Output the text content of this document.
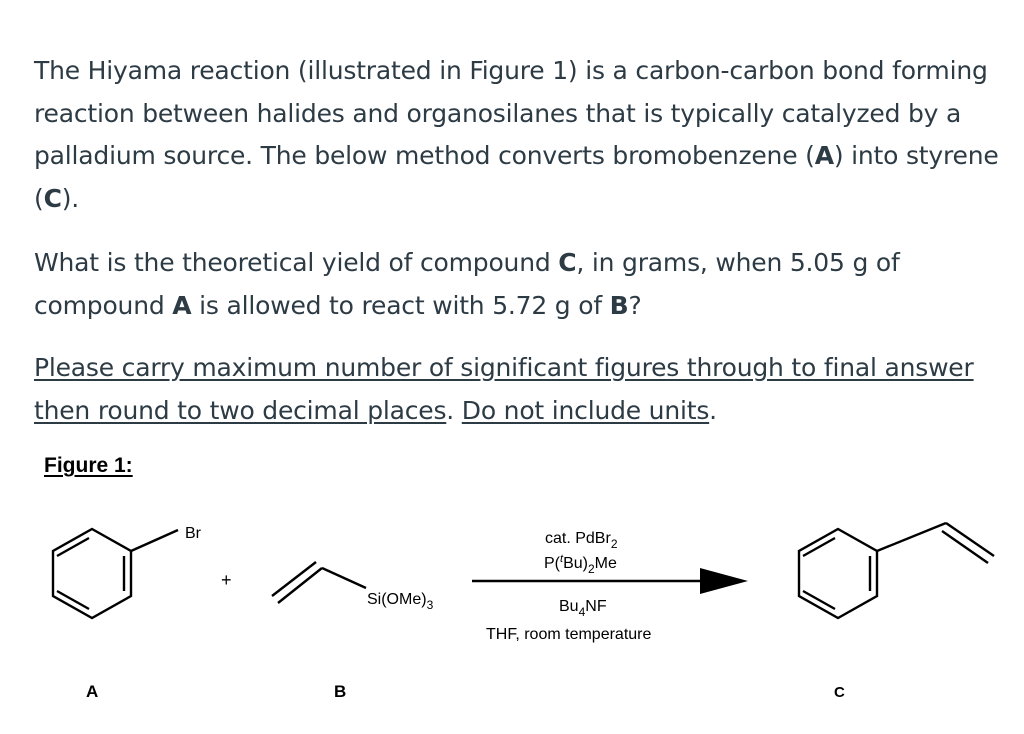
The Hiyama reaction (illustrated in Figure 1) is a carbon-carbon bond forming reaction between halides and organosilanes that is typically catalyzed by a palladium source. The below method converts bromobenzene (A) into styrene (C).

What is the theoretical yield of compound C, in grams, when 5.05 g of compound A is allowed to react with 5.72 g of B?

Please carry maximum number of significant figures through to final answer then round to two decimal places. Do not include units.

Figure 1:
Br
+
$Si(OMe)_3$
cat. PdBr$_2$
$P(^tBu)_2Me$
$Bu_4NF$
THF, room temperature
A	B	C
